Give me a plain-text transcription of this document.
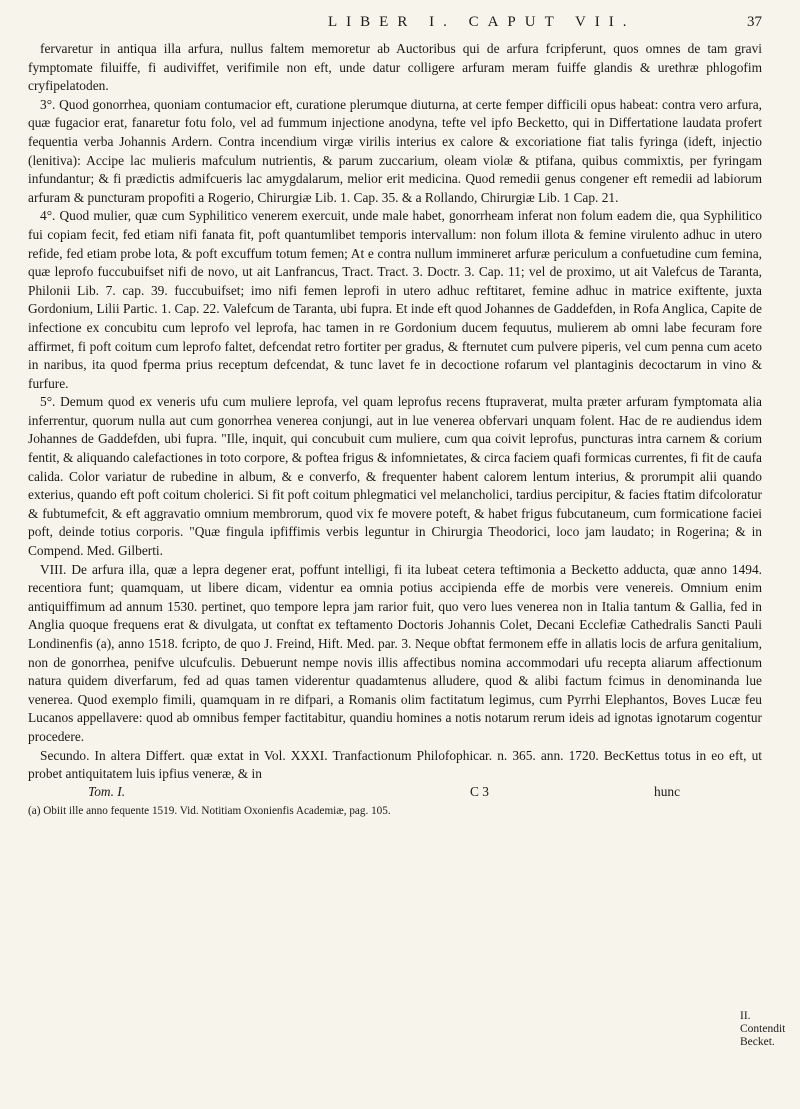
LIBER I. CAPUT VII.	37

fervaretur in antiqua illa arfura, nullus faltem memoretur ab Auctoribus qui de arfura fcripferunt, quos omnes de tam gravi fymptomate filuiffe, fi audiviffet, verifimile non eft, unde datur colligere arfuram meram fuiffe glandis & urethræ phlogofim cryfipelatoden.

3°. Quod gonorrhea, quoniam contumacior eft, curatione plerumque diuturna, at certe femper difficili opus habeat: contra vero arfura, quæ fugacior erat, fanaretur fotu folo, vel ad fummum injectione anodyna, tefte vel ipfo Becketto, qui in Differtatione laudata profert fequentia verba Johannis Ardern. Contra incendium virgæ virilis interius ex calore & excoriatione fiat talis fyringa (ideft, injectio (lenitiva): Accipe lac mulieris mafculum nutrientis, & parum zuccarium, oleam violæ & ptifana, quibus commixtis, per fyringam infundantur; & fi prædictis admifcueris lac amygdalarum, melior erit medicina. Quod remedii genus congener eft remedii ad labiorum arfuram & puncturam propofiti a Rogerio, Chirurgiæ Lib. 1. Cap. 35. & a Rollando, Chirurgiæ Lib. 1 Cap. 21.

4°. Quod mulier, quæ cum Syphilitico venerem exercuit, unde male habet, gonorrheam inferat non folum eadem die, qua Syphilitico fui copiam fecit, fed etiam nifi fanata fit, poft quantumlibet temporis intervallum: non folum illota & femine virulento adhuc in utero refide, fed etiam probe lota, & poft excuffum totum femen; At e contra nullum immineret arfuræ periculum a confuetudine cum femina, quæ leprofo fuccubuifset nifi de novo, ut ait Lanfrancus, Tract. Tract. 3. Doctr. 3. Cap. 11; vel de proximo, ut ait Valefcus de Taranta, Philonii Lib. 7. cap. 39. fuccubuifset; imo nifi femen leprofi in utero adhuc reftitaret, femine adhuc in matrice exiftente, juxta Gordonium, Lilii Partic. 1. Cap. 22. Valefcum de Taranta, ubi fupra. Et inde eft quod Johannes de Gaddefden, in Rofa Anglica, Capite de infectione ex concubitu cum leprofo vel leprofa, hac tamen in re Gordonium ducem fequutus, mulierem ab omni labe fecuram fore affirmet, fi poft coitum cum leprofo faltet, defcendat retro fortiter per gradus, & fternutet cum pulvere piperis, vel cum penna cum aceto in naribus, ita quod fperma prius receptum defcendat, & tunc lavet fe in decoctione rofarum vel plantaginis decoctarum in vino & furfure.

5°. Demum quod ex veneris ufu cum muliere leprofa, vel quam leprofus recens ftupraverat, multa præter arfuram fymptomata alia inferrentur, quorum nulla aut cum gonorrhea venerea conjungi, aut in lue venerea obfervari unquam folent. Hac de re audiendus idem Johannes de Gaddefden, ubi fupra. "Ille, inquit, qui concubuit cum muliere, cum qua coivit leprofus, puncturas intra carnem & corium fentit, & aliquando calefactiones in toto corpore, & poftea frigus & infomnietates, & circa faciem quafi formicas currentes, fi fit de caufa calida. Color variatur de rubedine in album, & e converfo, & frequenter habent calorem lentum interius, & prorumpit alii quando exterius, quando eft poft coitum cholerici. Si fit poft coitum phlegmatici vel melancholici, tardius percipitur, & facies ftatim difcoloratur & fubtumefcit, & eft aggravatio omnium membrorum, quod vix fe movere poteft, & habet frigus fubcutaneum, cum formicatione faciei poft, deinde totius corporis. "Quæ fingula ipfiffimis verbis leguntur in Chirurgia Theodorici, loco jam laudato; in Rogerina; & in Compend. Med. Gilberti.

VIII. De arfura illa, quæ a lepra degener erat, poffunt intelligi, fi ita lubeat cetera teftimonia a Becketto adducta, quæ anno 1494. recentiora funt; quamquam, ut libere dicam, videntur ea omnia potius accipienda effe de morbis vere venereis. Omnium enim antiquiffimum ad annum 1530. pertinet, quo tempore lepra jam rarior fuit, quo vero lues venerea non in Italia tantum & Gallia, fed in Anglia quoque frequens erat & divulgata, ut conftat ex teftamento Doctoris Johannis Colet, Decani Ecclefiæ Cathedralis Sancti Pauli Londinenfis (a), anno 1518. fcripto, de quo J. Freind, Hift. Med. par. 3. Neque obftat fermonem effe in allatis locis de arfura genitalium, non de gonorrhea, penifve ulcufculis. Debuerunt nempe novis illis affectibus nomina accommodari ufu recepta aliarum affectionum natura quidem diverfarum, fed ad quas tamen viderentur quadamtenus alludere, quod & alibi factum fcimus in denominanda lue venerea. Quod exemplo fimili, quamquam in re difpari, a Romanis olim factitatum legimus, cum Pyrrhi Elephantos, Boves Lucæ feu Lucanos appellavere: quod ab omnibus femper factitabitur, quandiu homines a notis notarum rerum ideis ad ignotas ignotarum cogentur procedere.

Secundo. In altera Differt. quæ extat in Vol. XXXI. Tranfactionum Philofophicar. n. 365. ann. 1720. BecKettus totus in eo eft, ut probet antiquitatem luis ipfius veneræ, & in

Tom. I.	C 3	hunc
(a) Obiit ille anno fequente 1519. Vid. Notitiam Oxonienfis Academiæ, pag. 105.
II. Contendit Becket.
